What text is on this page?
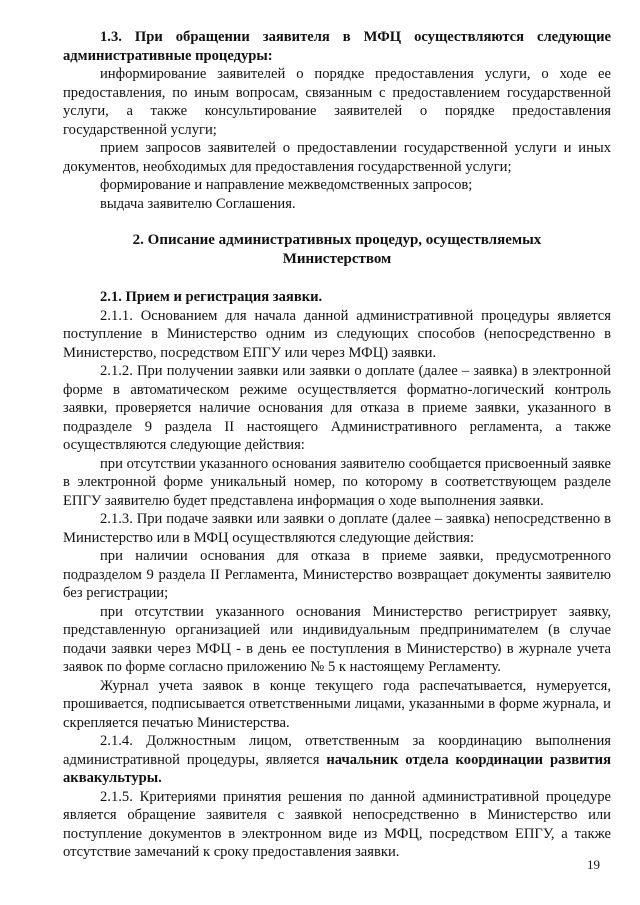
1.3. При обращении заявителя в МФЦ осуществляются следующие административные процедуры:

информирование заявителей о порядке предоставления услуги, о ходе ее предоставления, по иным вопросам, связанным с предоставлением государственной услуги, а также консультирование заявителей о порядке предоставления государственной услуги;

прием запросов заявителей о предоставлении государственной услуги и иных документов, необходимых для предоставления государственной услуги;

формирование и направление межведомственных запросов;

выдача заявителю Соглашения.

2. Описание административных процедур, осуществляемых Министерством

2.1. Прием и регистрация заявки.

2.1.1. Основанием для начала данной административной процедуры является поступление в Министерство одним из следующих способов (непосредственно в Министерство, посредством ЕПГУ или через МФЦ) заявки.

2.1.2. При получении заявки или заявки о доплате (далее – заявка) в электронной форме в автоматическом режиме осуществляется форматно-логический контроль заявки, проверяется наличие основания для отказа в приеме заявки, указанного в подразделе 9 раздела II настоящего Административного регламента, а также осуществляются следующие действия:

при отсутствии указанного основания заявителю сообщается присвоенный заявке в электронной форме уникальный номер, по которому в соответствующем разделе ЕПГУ заявителю будет представлена информация о ходе выполнения заявки.

2.1.3. При подаче заявки или заявки о доплате (далее – заявка) непосредственно в Министерство или в МФЦ осуществляются следующие действия:

при наличии основания для отказа в приеме заявки, предусмотренного подразделом 9 раздела II Регламента, Министерство возвращает документы заявителю без регистрации;

при отсутствии указанного основания Министерство регистрирует заявку, представленную организацией или индивидуальным предпринимателем (в случае подачи заявки через МФЦ - в день ее поступления в Министерство) в журнале учета заявок по форме согласно приложению № 5 к настоящему Регламенту.

Журнал учета заявок в конце текущего года распечатывается, нумеруется, прошивается, подписывается ответственными лицами, указанными в форме журнала, и скрепляется печатью Министерства.

2.1.4. Должностным лицом, ответственным за координацию выполнения административной процедуры, является начальник отдела координации развития аквакультуры.

2.1.5. Критериями принятия решения по данной административной процедуре является обращение заявителя с заявкой непосредственно в Министерство или поступление документов в электронном виде из МФЦ, посредством ЕПГУ, а также отсутствие замечаний к сроку предоставления заявки.

19
